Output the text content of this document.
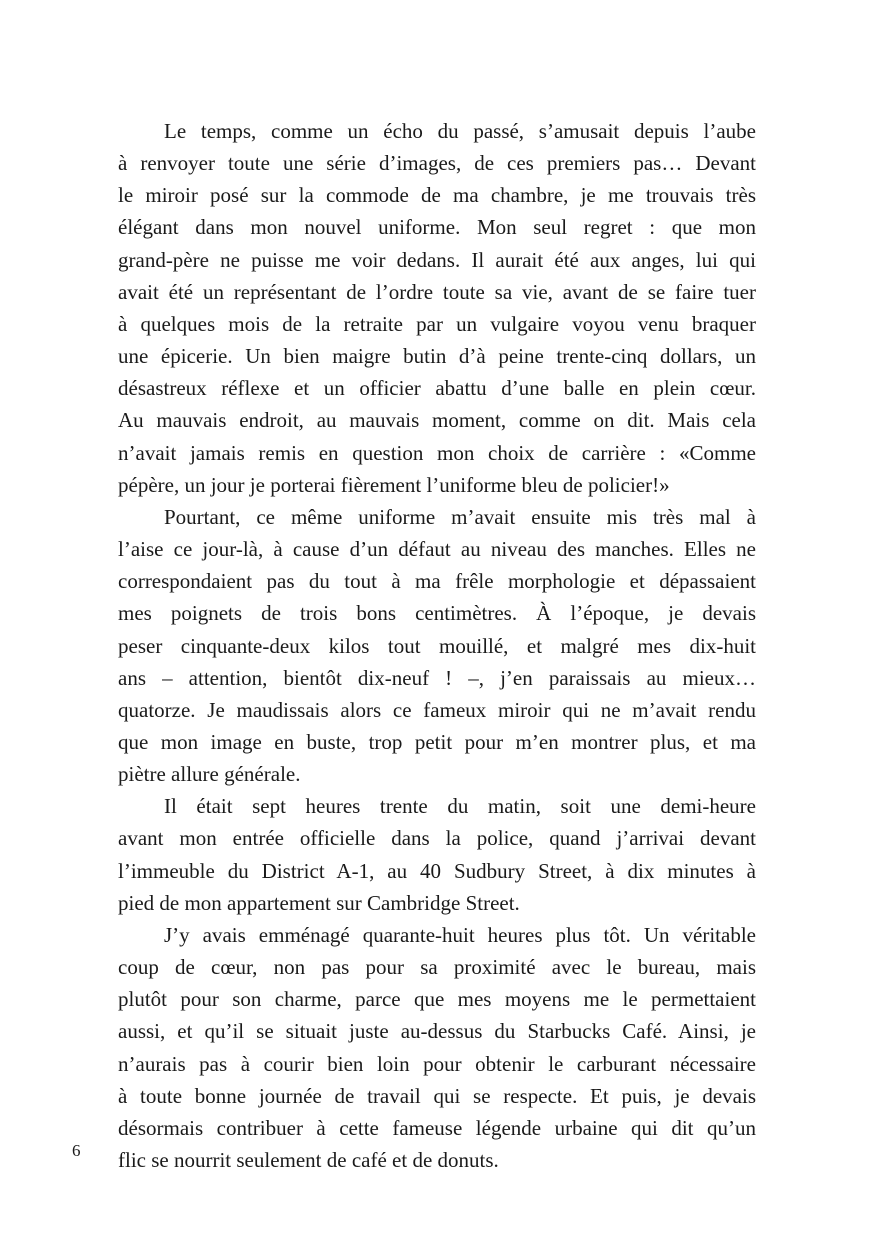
Le temps, comme un écho du passé, s’amusait depuis l’aube
à renvoyer toute une série d’images, de ces premiers pas… Devant
le miroir posé sur la commode de ma chambre, je me trouvais très
élégant dans mon nouvel uniforme. Mon seul regret : que mon
grand-père ne puisse me voir dedans. Il aurait été aux anges, lui qui
avait été un représentant de l’ordre toute sa vie, avant de se faire tuer
à quelques mois de la retraite par un vulgaire voyou venu braquer
une épicerie. Un bien maigre butin d’à peine trente-cinq dollars, un
désastreux réflexe et un officier abattu d’une balle en plein cœur.
Au mauvais endroit, au mauvais moment, comme on dit. Mais cela
n’avait jamais remis en question mon choix de carrière : «Comme
pépère, un jour je porterai fièrement l’uniforme bleu de policier!»

Pourtant, ce même uniforme m’avait ensuite mis très mal à
l’aise ce jour-là, à cause d’un défaut au niveau des manches. Elles ne
correspondaient pas du tout à ma frêle morphologie et dépassaient
mes poignets de trois bons centimètres. À l’époque, je devais
peser cinquante-deux kilos tout mouillé, et malgré mes dix-huit
ans – attention, bientôt dix-neuf ! –, j’en paraissais au mieux…
quatorze. Je maudissais alors ce fameux miroir qui ne m’avait rendu
que mon image en buste, trop petit pour m’en montrer plus, et ma
piètre allure générale.

Il était sept heures trente du matin, soit une demi-heure
avant mon entrée officielle dans la police, quand j’arrivai devant
l’immeuble du District A-1, au 40 Sudbury Street, à dix minutes à
pied de mon appartement sur Cambridge Street.

J’y avais emménagé quarante-huit heures plus tôt. Un véritable
coup de cœur, non pas pour sa proximité avec le bureau, mais
plutôt pour son charme, parce que mes moyens me le permettaient
aussi, et qu’il se situait juste au-dessus du Starbucks Café. Ainsi, je
n’aurais pas à courir bien loin pour obtenir le carburant nécessaire
à toute bonne journée de travail qui se respecte. Et puis, je devais
désormais contribuer à cette fameuse légende urbaine qui dit qu’un
flic se nourrit seulement de café et de donuts.

6
